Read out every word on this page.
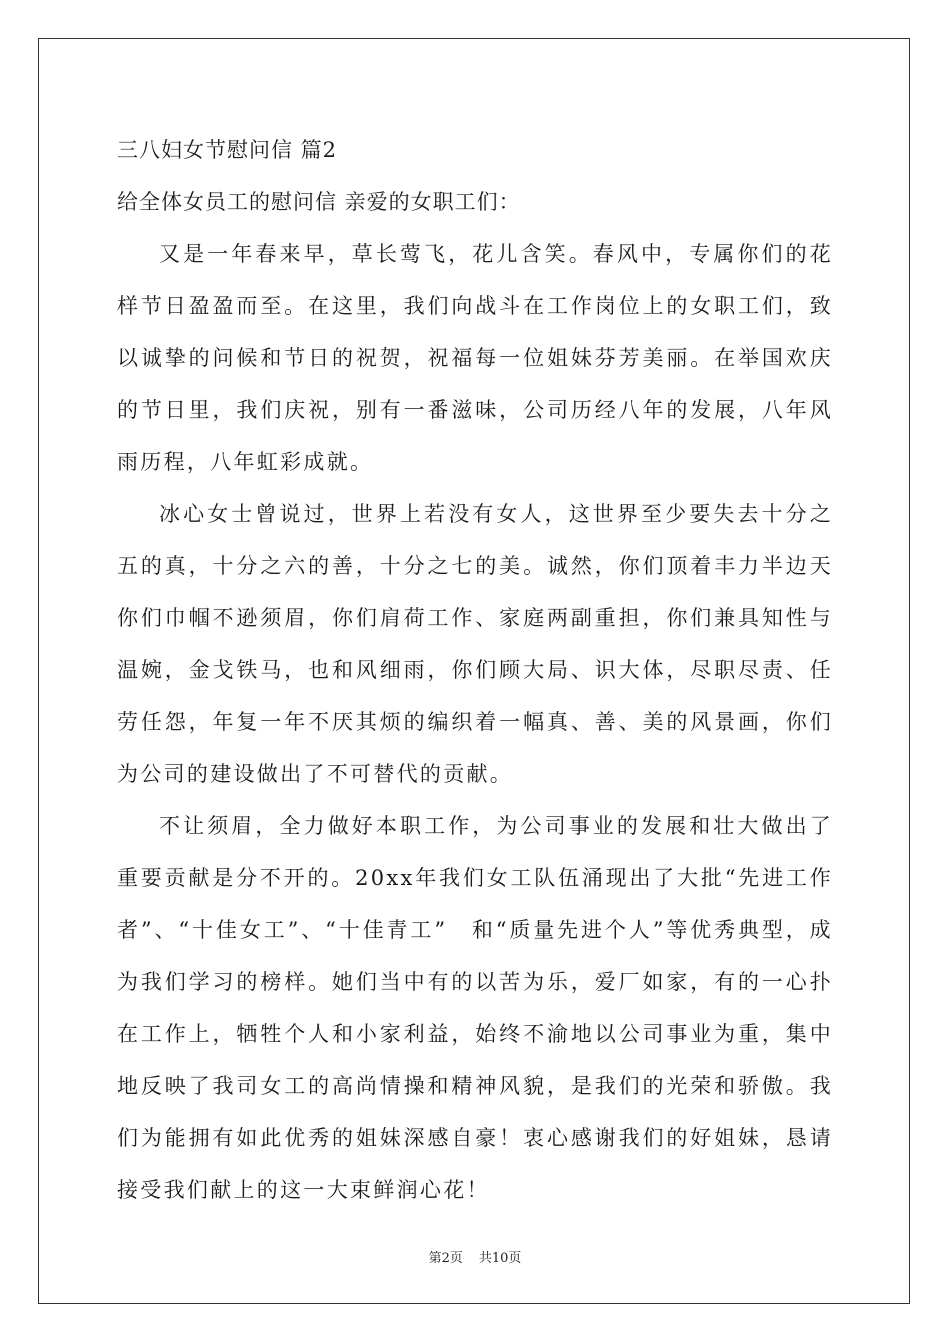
三八妇女节慰问信 篇2

给全体女员工的慰问信 亲爱的女职工们：

又是一年春来早，草长莺飞，花儿含笑。春风中，专属你们的花样节日盈盈而至。在这里，我们向战斗在工作岗位上的女职工们，致以诚挚的问候和节日的祝贺，祝福每一位姐妹芬芳美丽。在举国欢庆的节日里，我们庆祝，别有一番滋味，公司历经八年的发展，八年风雨历程，八年虹彩成就。

冰心女士曾说过，世界上若没有女人，这世界至少要失去十分之五的真，十分之六的善，十分之七的美。诚然，你们顶着丰力半边天你们巾帼不逊须眉，你们肩荷工作、家庭两副重担，你们兼具知性与温婉，金戈铁马，也和风细雨，你们顾大局、识大体，尽职尽责、任劳任怨，年复一年不厌其烦的编织着一幅真、善、美的风景画，你们为公司的建设做出了不可替代的贡献。

不让须眉，全力做好本职工作，为公司事业的发展和壮大做出了重要贡献是分不开的。20xx年我们女工队伍涌现出了大批“先进工作者”、“十佳女工”、“十佳青工”　和“质量先进个人”等优秀典型，成为我们学习的榜样。她们当中有的以苦为乐，爱厂如家，有的一心扑在工作上，牺牲个人和小家利益，始终不渝地以公司事业为重，集中地反映了我司女工的高尚情操和精神风貌，是我们的光荣和骄傲。我们为能拥有如此优秀的姐妹深感自豪！衷心感谢我们的好姐妹，恳请接受我们献上的这一大束鲜润心花！

第2页 共10页
